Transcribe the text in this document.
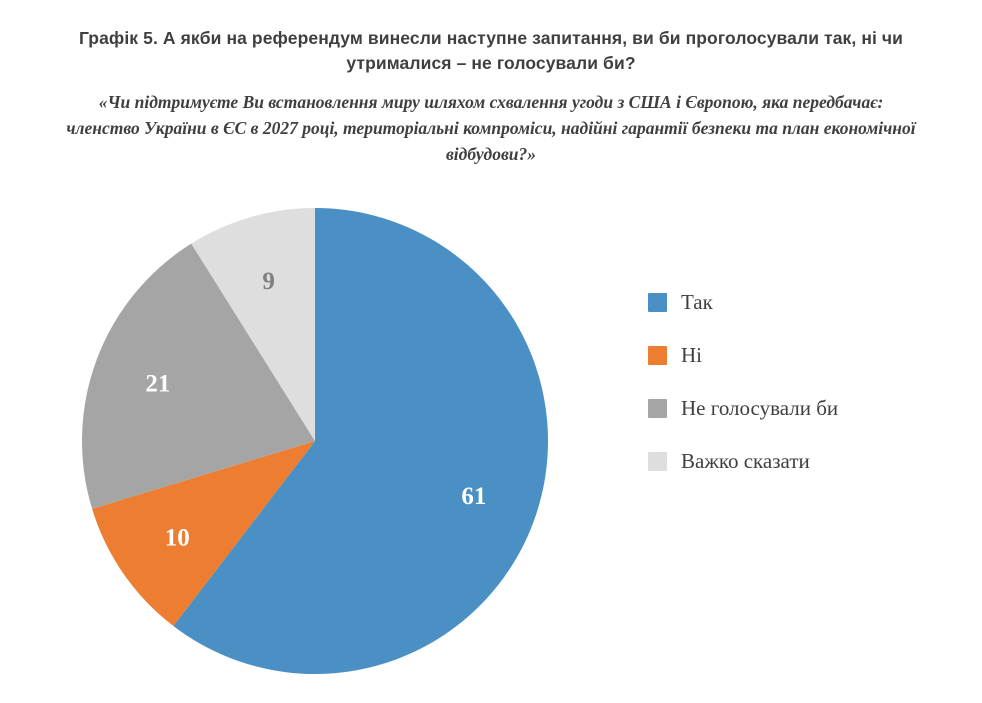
Графік 5. А якби на референдум винесли наступне запитання, ви би проголосували так, ні чи утрималися – не голосували би?
«Чи підтримуєте Ви встановлення миру шляхом схвалення угоди з США і Європою, яка передбачає: членство України в ЄС в 2027 році, територіальні компроміси, надійні гарантії безпеки та план економічної відбудови?»
61
10
21
9
Так
Ні
Не голосували би
Важко сказати
